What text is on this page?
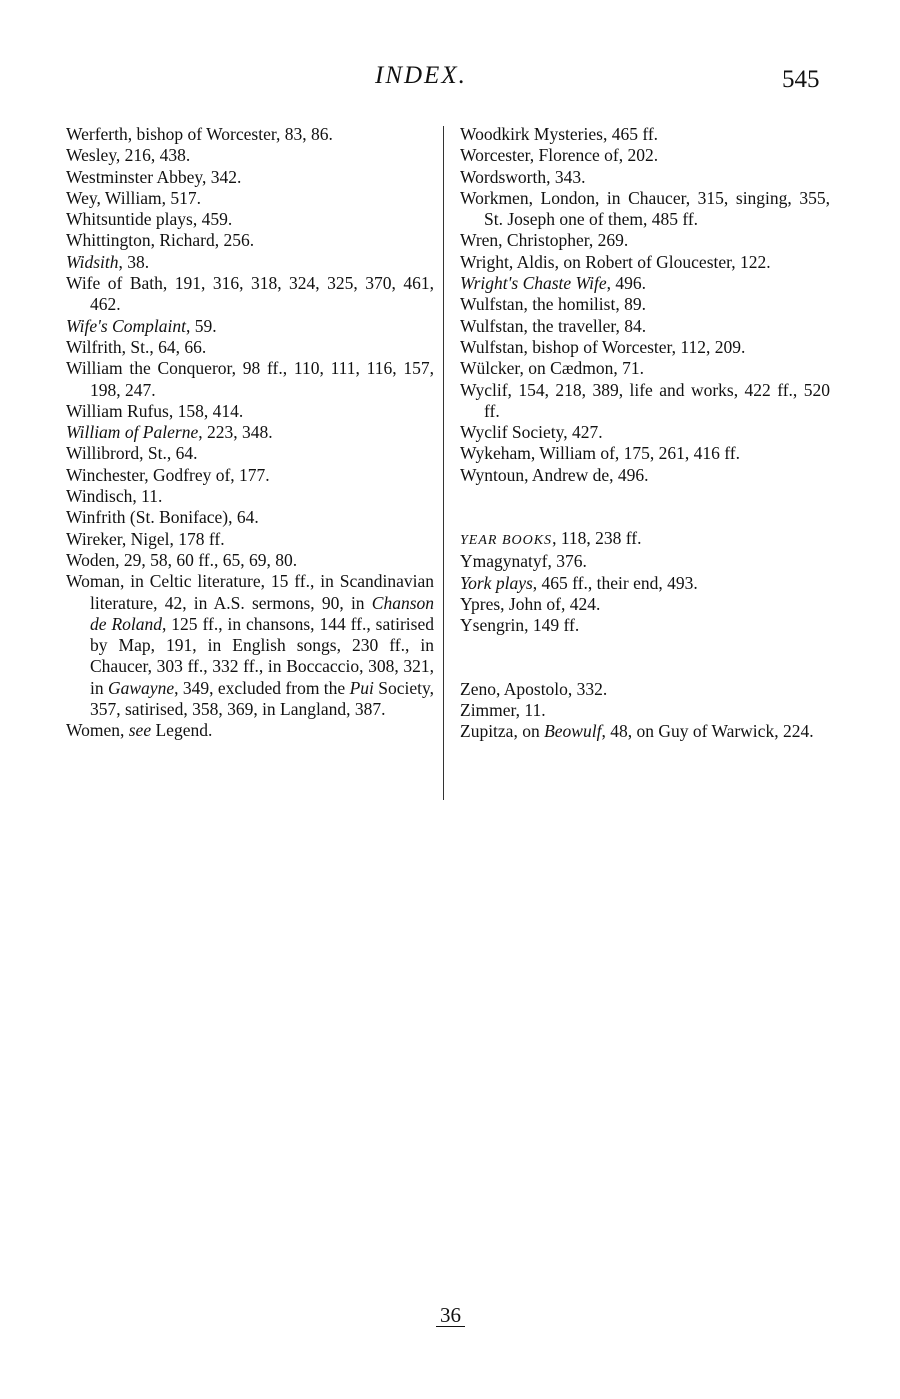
INDEX.	545

Werferth, bishop of Worcester, 83, 86.

Wesley, 216, 438.

Westminster Abbey, 342.

Wey, William, 517.

Whitsuntide plays, 459.

Whittington, Richard, 256.

Widsith, 38.

Wife of Bath, 191, 316, 318, 324, 325, 370, 461, 462.

Wife's Complaint, 59.

Wilfrith, St., 64, 66.

William the Conqueror, 98 ff., 110, 111, 116, 157, 198, 247.

William Rufus, 158, 414.

William of Palerne, 223, 348.

Willibrord, St., 64.

Winchester, Godfrey of, 177.

Windisch, 11.

Winfrith (St. Boniface), 64.

Wireker, Nigel, 178 ff.

Woden, 29, 58, 60 ff., 65, 69, 80.

Woman, in Celtic literature, 15 ff., in Scandinavian literature, 42, in A.S. sermons, 90, in Chanson de Roland, 125 ff., in chansons, 144 ff., satirised by Map, 191, in English songs, 230 ff., in Chaucer, 303 ff., 332 ff., in Boccaccio, 308, 321, in Gawayne, 349, excluded from the Pui Society, 357, satirised, 358, 369, in Langland, 387.

Women, see Legend.

Woodkirk Mysteries, 465 ff.

Worcester, Florence of, 202.

Wordsworth, 343.

Workmen, London, in Chaucer, 315, singing, 355, St. Joseph one of them, 485 ff.

Wren, Christopher, 269.

Wright, Aldis, on Robert of Gloucester, 122.

Wright's Chaste Wife, 496.

Wulfstan, the homilist, 89.

Wulfstan, the traveller, 84.

Wulfstan, bishop of Worcester, 112, 209.

Wülcker, on Cædmon, 71.

Wyclif, 154, 218, 389, life and works, 422 ff., 520 ff.

Wyclif Society, 427.

Wykeham, William of, 175, 261, 416 ff.

Wyntoun, Andrew de, 496.

YEAR BOOKS, 118, 238 ff.

Ymagynatyf, 376.

York plays, 465 ff., their end, 493.

Ypres, John of, 424.

Ysengrin, 149 ff.

Zeno, Apostolo, 332.

Zimmer, 11.

Zupitza, on Beowulf, 48, on Guy of Warwick, 224.

36
